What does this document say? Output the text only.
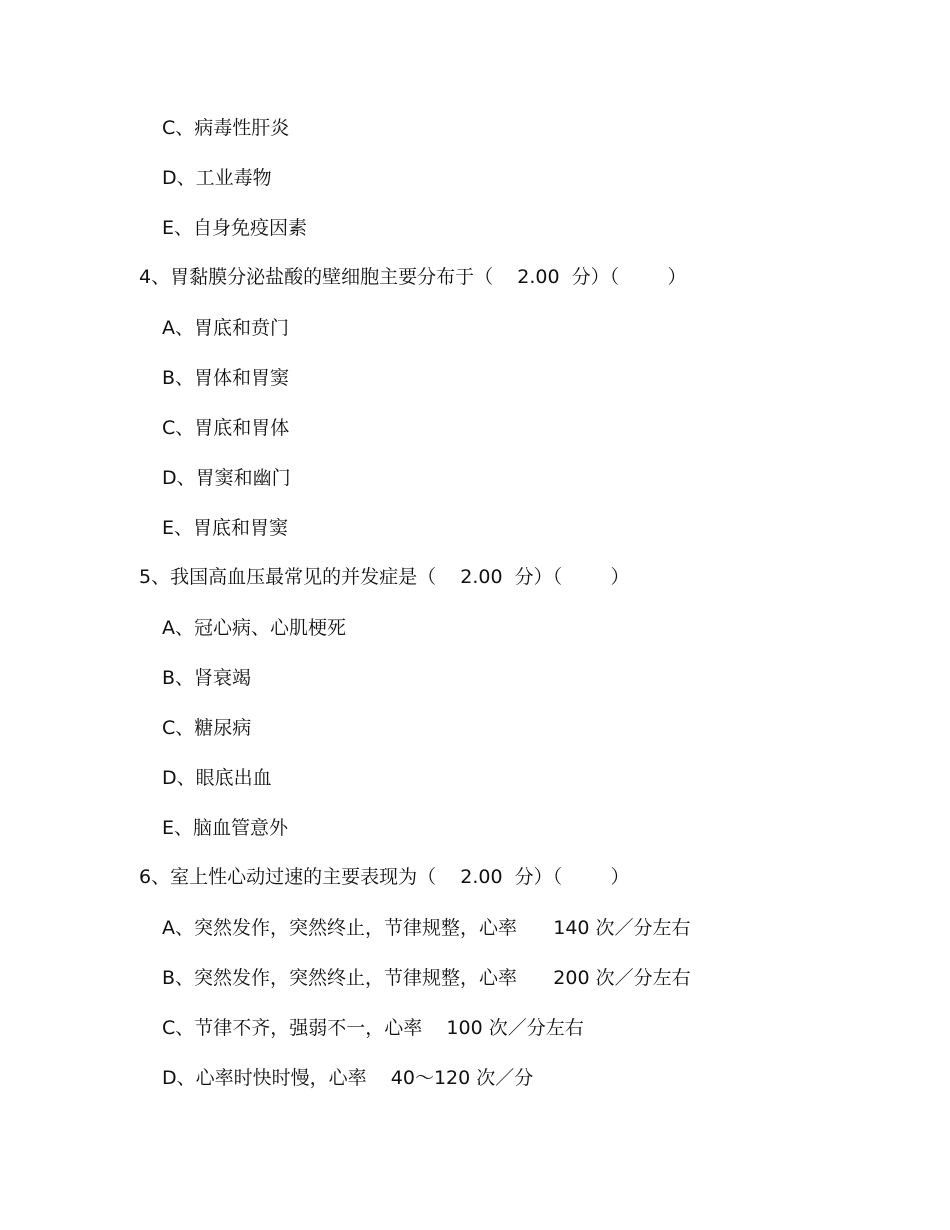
C、病毒性肝炎
D、工业毒物
E、自身免疫因素
4、胃黏膜分泌盐酸的壁细胞主要分布于（    2.00  分）（        ）
A、胃底和贲门
B、胃体和胃窦
C、胃底和胃体
D、胃窦和幽门
E、胃底和胃窦
5、我国高血压最常见的并发症是（    2.00  分）（        ）
A、冠心病、心肌梗死
B、肾衰竭
C、糖尿病
D、眼底出血
E、脑血管意外
6、室上性心动过速的主要表现为（    2.00  分）（        ）
A、突然发作，突然终止，节律规整，心率      140 次／分左右
B、突然发作，突然终止，节律规整，心率      200 次／分左右
C、节律不齐，强弱不一，心率    100 次／分左右
D、心率时快时慢，心率    40～120 次／分
